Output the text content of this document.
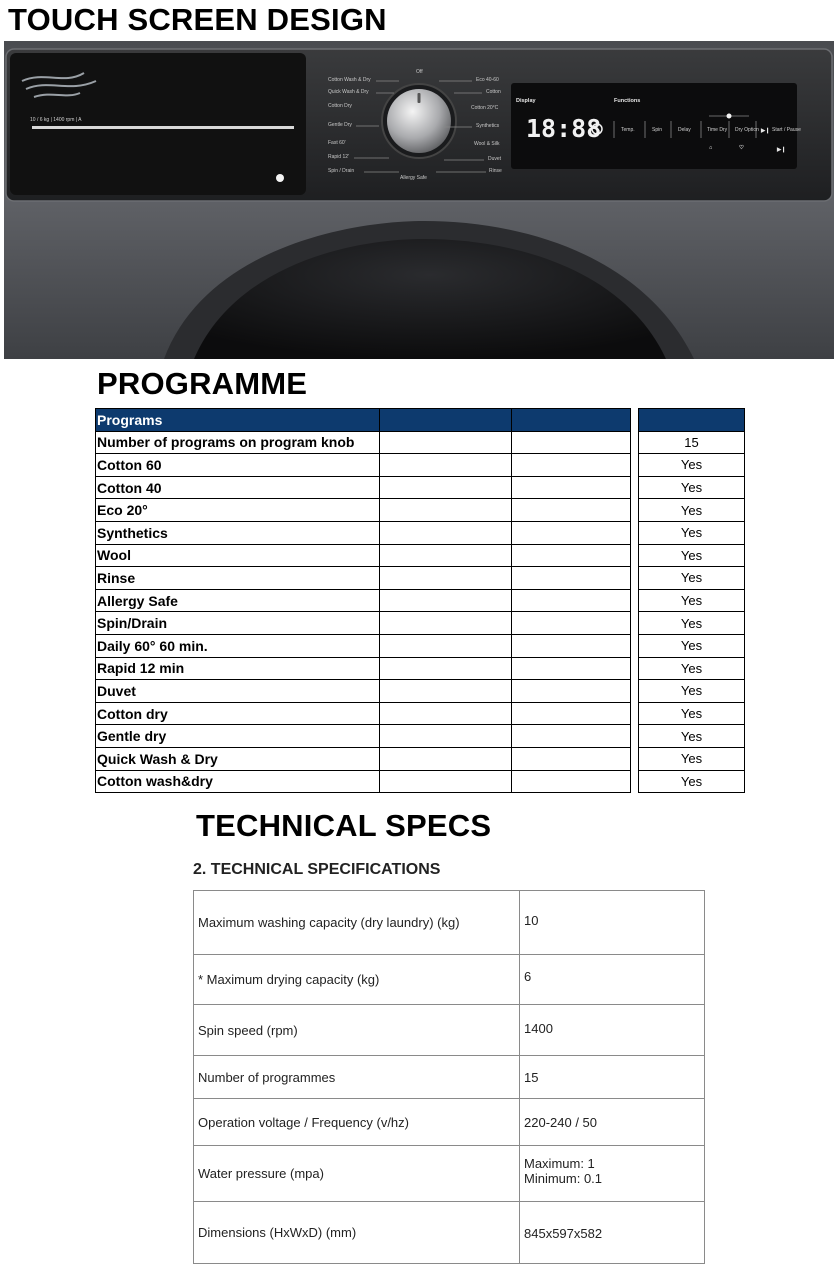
TOUCH SCREEN DESIGN
10 / 6 kg | 1400 rpm | A
Off
Allergy Safe
Cotton Wash & Dry
Quick Wash & Dry
Cotton Dry
Gentle Dry
Fast 60'
Rapid 12'
Spin / Drain
Eco 40-60
Cotton
Cotton 20°C
Synthetics
Wool & Silk
Duvet
Rinse
Display	Functions
18:88	Temp.	Spin	Delay	Time Dry Dry Option	Start / Pause
▶❙
⌂	♡	▶❙
PROGRAMME
Programs				
Number of programs on program knob				15
Cotton 60				Yes
Cotton 40				Yes
Eco 20°				Yes
Synthetics				Yes
Wool				Yes
Rinse				Yes
Allergy Safe				Yes
Spin/Drain				Yes
Daily 60° 60 min.				Yes
Rapid 12 min				Yes
Duvet				Yes
Cotton dry				Yes
Gentle dry				Yes
Quick Wash & Dry				Yes
Cotton wash&dry				Yes
TECHNICAL SPECS
2. TECHNICAL SPECIFICATIONS
Maximum washing capacity (dry laundry) (kg)	10
* Maximum drying capacity (kg)	6
Spin speed (rpm)	1400
Number of programmes	15
Operation voltage / Frequency (v/hz)	220-240 / 50
Water pressure (mpa)	Maximum: 1
Minimum: 0.1

Dimensions (HxWxD) (mm)	845x597x582
